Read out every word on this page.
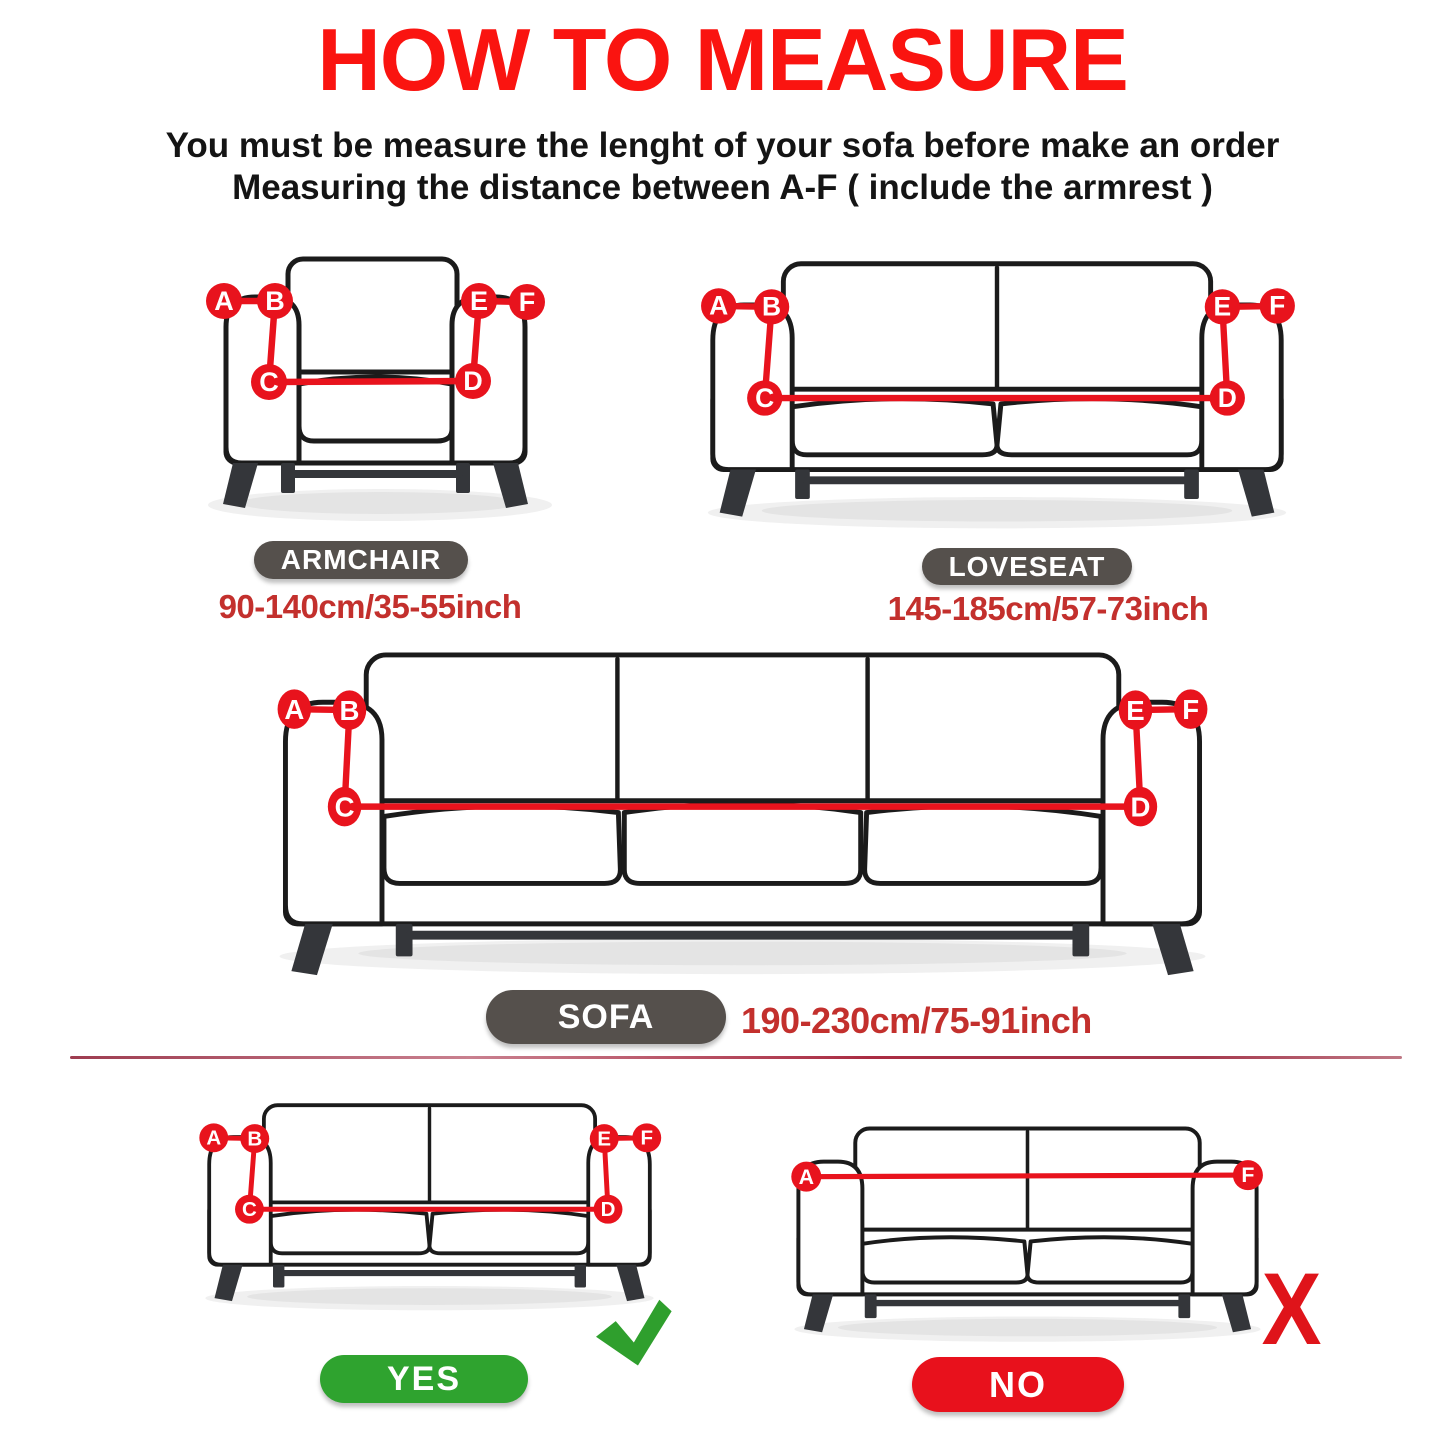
HOW TO MEASURE
You must be measure the lenght of your sofa before make an order
Measuring the distance between A-F ( include the armrest )
A B
C	D
E F
ARMCHAIR
90-140cm/35-55inch
A B
C	D
E F
LOVESEAT
145-185cm/57-73inch
A B
C	D
E F
SOFA	190-230cm/75-91inch
A B
C	D
E F
YES
A	F
X
NO
